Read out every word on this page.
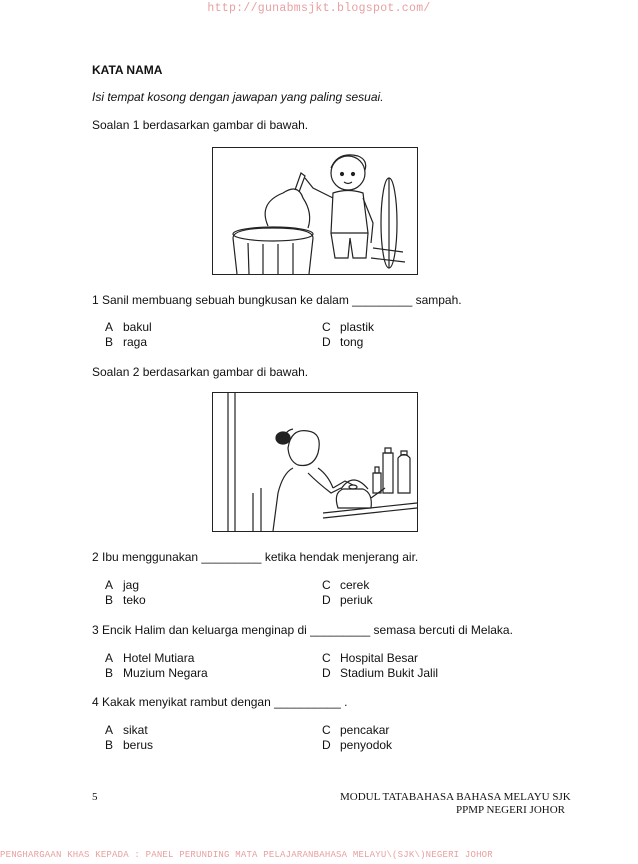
http://gunabmsjkt.blogspot.com/
KATA NAMA
Isi tempat kosong dengan jawapan yang paling sesuai.
Soalan 1 berdasarkan gambar di bawah.
1 Sanil membuang sebuah bungkusan ke dalam _________ sampah.
A bakul
B raga
C plastik
D tong
Soalan 2 berdasarkan gambar di bawah.
2 Ibu menggunakan _________ ketika hendak menjerang air.
A jag
B teko
C cerek
D periuk
3 Encik Halim dan keluarga menginap di _________ semasa bercuti di Melaka.
A Hotel Mutiara
B Muzium Negara
C Hospital Besar
D Stadium Bukit Jalil
4 Kakak menyikat rambut dengan __________ .
A sikat
B berus
C pencakar
D penyodok
5	MODUL TATABAHASA BAHASA MELAYU SJK
PPMP NEGERI JOHOR
PENGHARGAAN KHAS KEPADA : PANEL PERUNDING MATA PELAJARANBAHASA MELAYU\(SJK\)NEGERI JOHOR
